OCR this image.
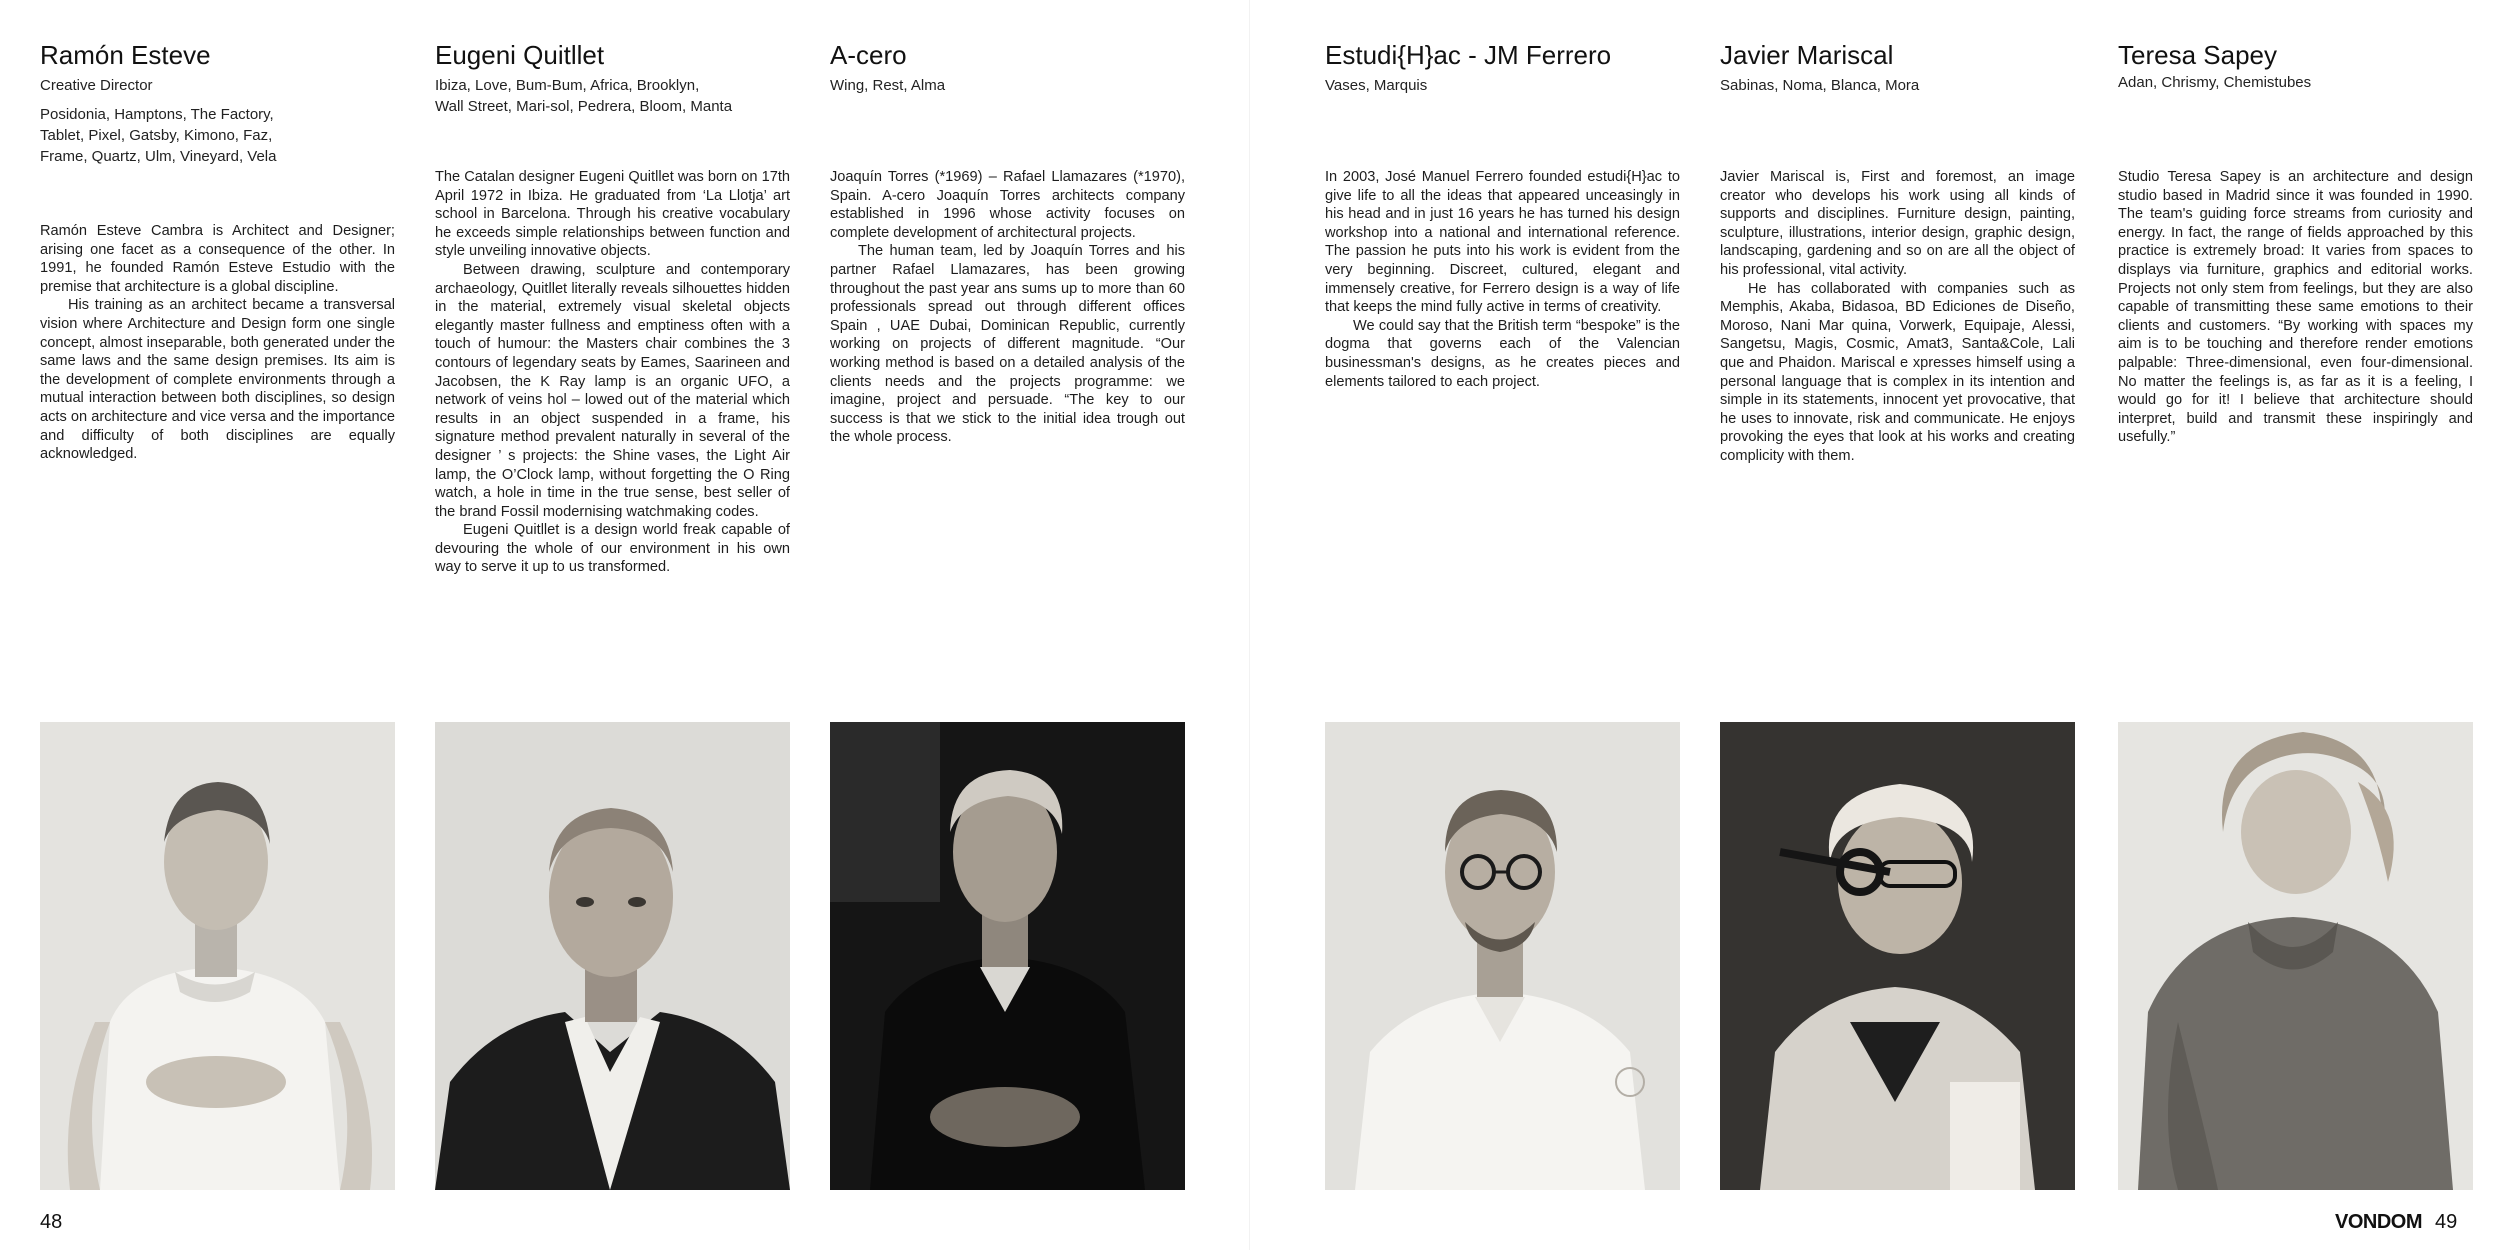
Ramón Esteve
Creative Director
Posidonia, Hamptons, The Factory,
Tablet, Pixel, Gatsby, Kimono, Faz,
Frame, Quartz, Ulm, Vineyard, Vela

Ramón Esteve Cambra is Architect and Designer; arising one facet as a consequence of the other. In 1991, he founded Ramón Esteve Estudio with the premise that architecture is a global discipline.

His training as an architect became a transversal vision where Architecture and Design form one single concept, almost inseparable, both generated under the same laws and the same design premises. Its aim is the development of complete environments through a mutual interaction between both disciplines, so design acts on architecture and vice versa and the importance and difficulty of both disciplines are equally acknowledged.

Eugeni Quitllet
Ibiza, Love, Bum-Bum, Africa, Brooklyn,
Wall Street, Mari-sol, Pedrera, Bloom, Manta

The Catalan designer Eugeni Quitllet was born on 17th April 1972 in Ibiza. He graduated from ‘La Llotja’ art school in Barcelona. Through his creative vocabulary he exceeds simple relationships between function and style unveiling innovative objects.

Between drawing, sculpture and contemporary archaeology, Quitllet literally reveals silhouettes hidden in the material, extremely visual skeletal objects elegantly master fullness and emptiness often with a touch of humour: the Masters chair combines the 3 contours of legendary seats by Eames, Saarineen and Jacobsen, the K Ray lamp is an organic UFO, a network of veins hol – lowed out of the material which results in an object suspended in a frame, his signature method prevalent naturally in several of the designer ’ s projects: the Shine vases, the Light Air lamp, the O’Clock lamp, without forgetting the O Ring watch, a hole in time in the true sense, best seller of the brand Fossil modernising watchmaking codes.

Eugeni Quitllet is a design world freak capable of devouring the whole of our environment in his own way to serve it up to us transformed.

A-cero
Wing, Rest, Alma

Joaquín Torres (*1969) – Rafael Llamazares (*1970), Spain. A-cero Joaquín Torres architects company established in 1996 whose activity focuses on complete development of architectural projects.

The human team, led by Joaquín Torres and his partner Rafael Llamazares, has been growing throughout the past year ans sums up to more than 60 professionals spread out through different offices Spain , UAE Dubai, Dominican Republic, currently working on projects of different magnitude. “Our working method is based on a detailed analysis of the clients needs and the projects programme: we imagine, project and persuade. “The key to our success is that we stick to the initial idea trough out the whole process.

48
Estudi{H}ac - JM Ferrero
Vases, Marquis

In 2003, José Manuel Ferrero founded estudi{H}ac to give life to all the ideas that appeared unceasingly in his head and in just 16 years he has turned his design workshop into a national and international reference. The passion he puts into his work is evident from the very beginning. Discreet, cultured, elegant and immensely creative, for Ferrero design is a way of life that keeps the mind fully active in terms of creativity.

We could say that the British term “bespoke” is the dogma that governs each of the Valencian businessman's designs, as he creates pieces and elements tailored to each project.

Javier Mariscal
Sabinas, Noma, Blanca, Mora

Javier Mariscal is, First and foremost, an image creator who develops his work using all kinds of supports and disciplines. Furniture design, painting, sculpture, illustrations, interior design, graphic design, landscaping, gardening and so on are all the object of his professional, vital activity.

He has collaborated with companies such as Memphis, Akaba, Bidasoa, BD Ediciones de Diseño, Moroso, Nani Mar quina, Vorwerk, Equipaje, Alessi, Sangetsu, Magis, Cosmic, Amat3, Santa&Cole, Lali que and Phaidon. Mariscal e xpresses himself using a personal language that is complex in its intention and simple in its statements, innocent yet provocative, that he uses to innovate, risk and communicate. He enjoys provoking the eyes that look at his works and creating complicity with them.

Teresa Sapey
Adan, Chrismy, Chemistubes

Studio Teresa Sapey is an architecture and design studio based in Madrid since it was founded in 1990. The team's guiding force streams from curiosity and energy. In fact, the range of fields approached by this practice is extremely broad: It varies from spaces to displays via furniture, graphics and editorial works. Projects not only stem from feelings, but they are also capable of transmitting these same emotions to their clients and customers. “By working with spaces my aim is to be touching and therefore render emotions palpable: Three-dimensional, even four-dimensional. No matter the feelings is, as far as it is a feeling, I would go for it! I believe that architecture should interpret, build and transmit these inspiringly and usefully.”

VONDOM 49
